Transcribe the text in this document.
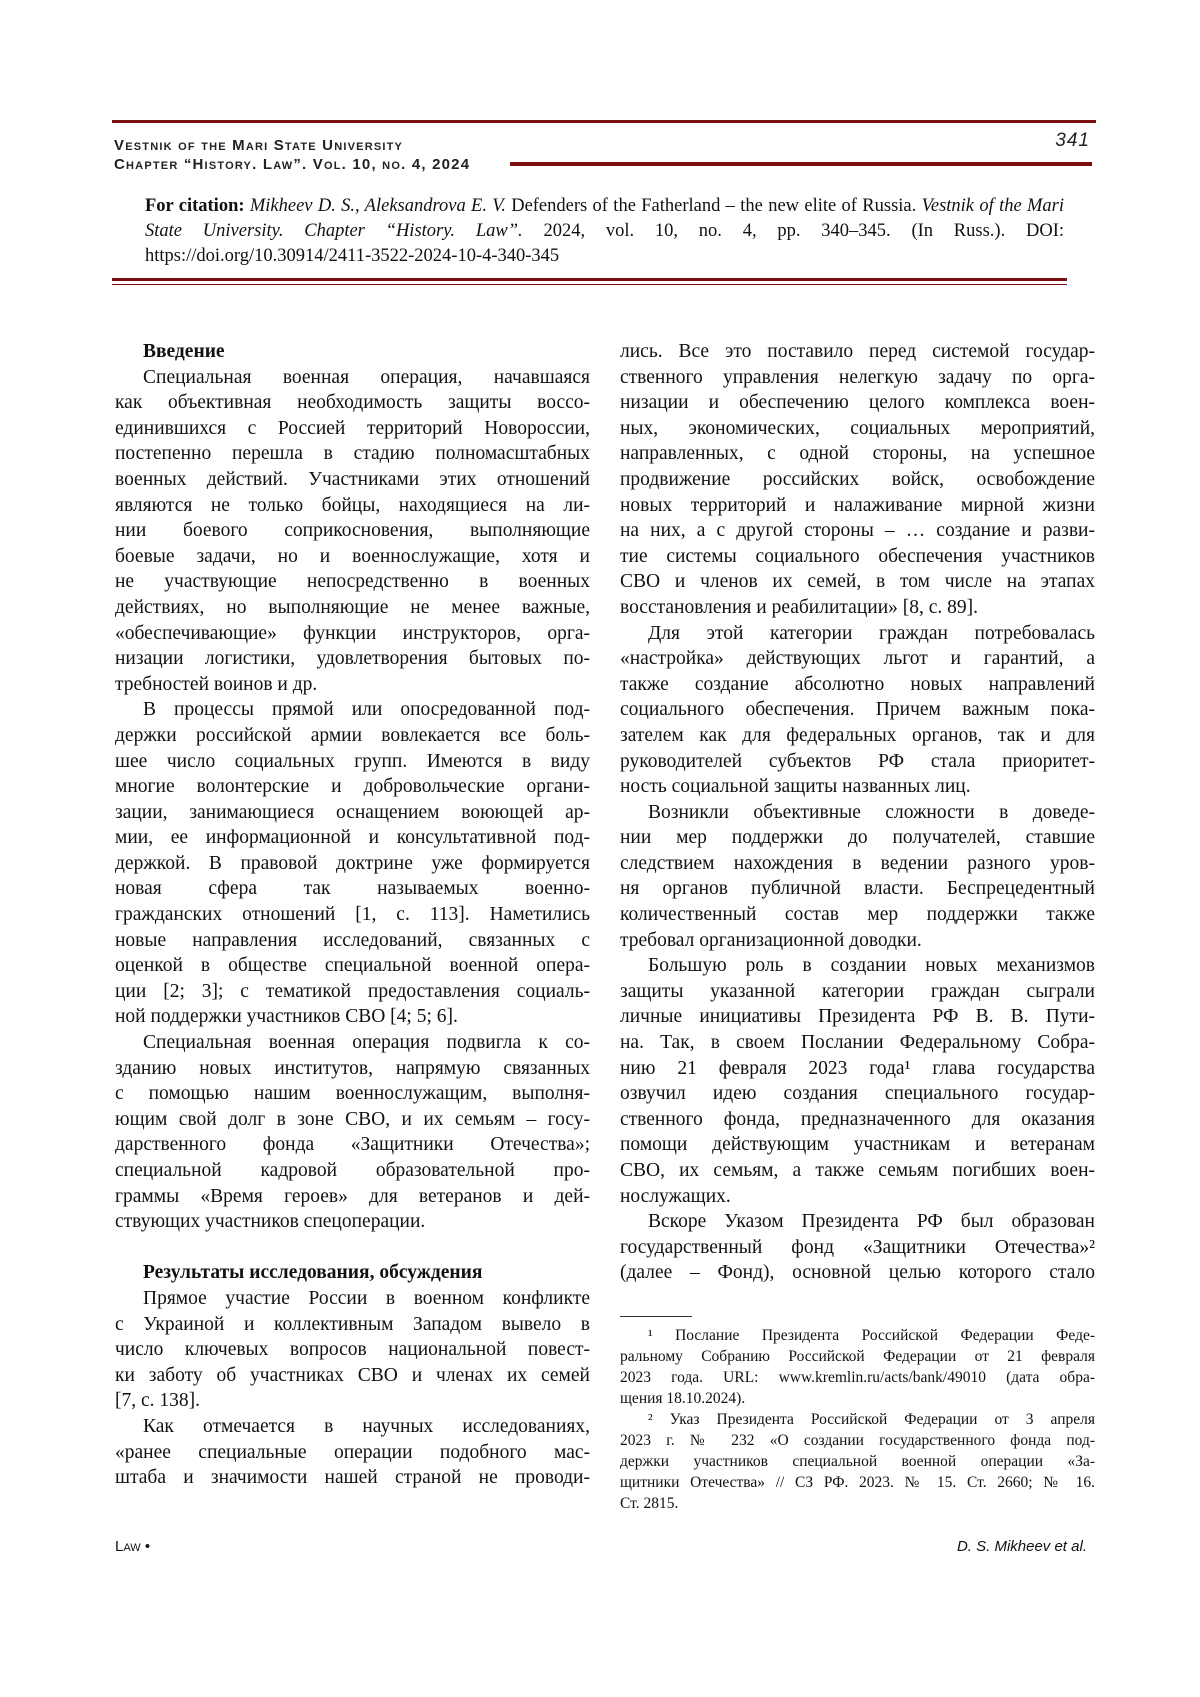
Vestnik of the Mari State University
Chapter “History. Law”. Vol. 10, no. 4, 2024
341
For citation: Mikheev D. S., Aleksandrova E. V. Defenders of the Fatherland – the new elite of Russia. Vestnik of the Mari State University. Chapter “History. Law”. 2024, vol. 10, no. 4, pp. 340–345. (In Russ.). DOI: https://doi.org/10.30914/2411-3522-2024-10-4-340-345
Введение
Специальная военная операция, начавшаяся
как объективная необходимость защиты воссо-
единившихся с Россией территорий Новороссии,
постепенно перешла в стадию полномасштабных
военных действий. Участниками этих отношений
являются не только бойцы, находящиеся на ли-
нии боевого соприкосновения, выполняющие
боевые задачи, но и военнослужащие, хотя и
не участвующие непосредственно в военных
действиях, но выполняющие не менее важные,
«обеспечивающие» функции инструкторов, орга-
низации логистики, удовлетворения бытовых по-
требностей воинов и др.
В процессы прямой или опосредованной под-
держки российской армии вовлекается все боль-
шее число социальных групп. Имеются в виду
многие волонтерские и добровольческие органи-
зации, занимающиеся оснащением воюющей ар-
мии, ее информационной и консультативной под-
держкой. В правовой доктрине уже формируется
новая сфера так называемых военно-
гражданских отношений [1, с. 113]. Наметились
новые направления исследований, связанных с
оценкой в обществе специальной военной опера-
ции [2; 3]; с тематикой предоставления социаль-
ной поддержки участников СВО [4; 5; 6].
Специальная военная операция подвигла к со-
зданию новых институтов, напрямую связанных
с помощью нашим военнослужащим, выполня-
ющим свой долг в зоне СВО, и их семьям – госу-
дарственного фонда «Защитники Отечества»;
специальной кадровой образовательной про-
граммы «Время героев» для ветеранов и дей-
ствующих участников спецоперации.
Результаты исследования, обсуждения
Прямое участие России в военном конфликте
с Украиной и коллективным Западом вывело в
число ключевых вопросов национальной повест-
ки заботу об участниках СВО и членах их семей
[7, с. 138].
Как отмечается в научных исследованиях,
«ранее специальные операции подобного мас-
штаба и значимости нашей страной не проводи-
лись. Все это поставило перед системой государ-
ственного управления нелегкую задачу по орга-
низации и обеспечению целого комплекса воен-
ных, экономических, социальных мероприятий,
направленных, с одной стороны, на успешное
продвижение российских войск, освобождение
новых территорий и налаживание мирной жизни
на них, а с другой стороны – … создание и разви-
тие системы социального обеспечения участников
СВО и членов их семей, в том числе на этапах
восстановления и реабилитации» [8, с. 89].
Для этой категории граждан потребовалась
«настройка» действующих льгот и гарантий, а
также создание абсолютно новых направлений
социального обеспечения. Причем важным пока-
зателем как для федеральных органов, так и для
руководителей субъектов РФ стала приоритет-
ность социальной защиты названных лиц.
Возникли объективные сложности в доведе-
нии мер поддержки до получателей, ставшие
следствием нахождения в ведении разного уров-
ня органов публичной власти. Беспрецедентный
количественный состав мер поддержки также
требовал организационной доводки.
Большую роль в создании новых механизмов
защиты указанной категории граждан сыграли
личные инициативы Президента РФ В. В. Пути-
на. Так, в своем Послании Федеральному Собра-
нию 21 февраля 2023 года¹ глава государства
озвучил идею создания специального государ-
ственного фонда, предназначенного для оказания
помощи действующим участникам и ветеранам
СВО, их семьям, а также семьям погибших воен-
нослужащих.
Вскоре Указом Президента РФ был образован
государственный фонд «Защитники Отечества»²
(далее – Фонд), основной целью которого стало
¹ Послание Президента Российской Федерации Феде-
ральному Собранию Российской Федерации от 21 февраля
2023 года. URL: www.kremlin.ru/acts/bank/49010 (дата обра-
щения 18.10.2024).
² Указ Президента Российской Федерации от 3 апреля
2023 г. № 232 «О создании государственного фонда под-
держки участников специальной военной операции «За-
щитники Отечества» // СЗ РФ. 2023. № 15. Ст. 2660; № 16.
Ст. 2815.
Law •	D. S. Mikheev et al.
